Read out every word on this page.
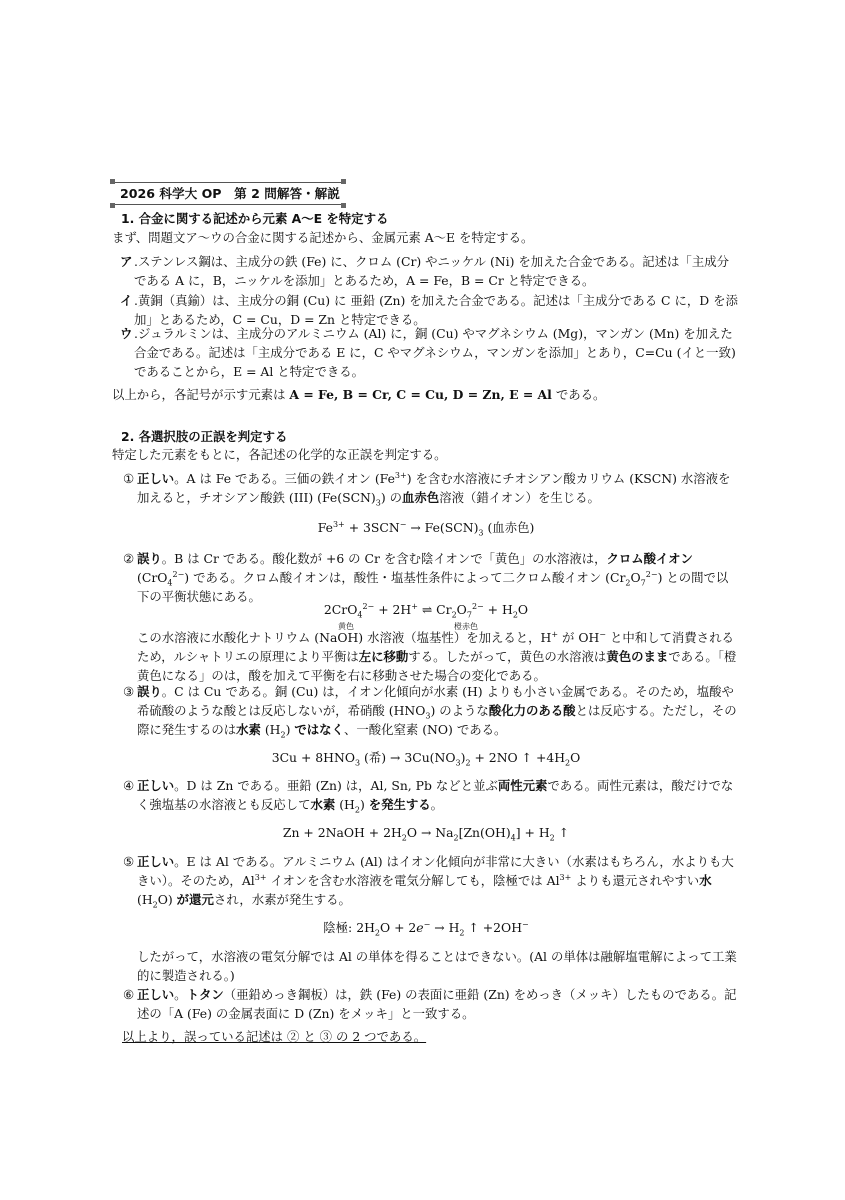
2026 科学大 OP　第 2 問解答・解説
1. 合金に関する記述から元素 A〜E を特定する
まず、問題文ア〜ウの合金に関する記述から、金属元素 A〜E を特定する。
ア .ステンレス鋼は、主成分の鉄 (Fe) に、クロム (Cr) やニッケル (Ni) を加えた合金である。記述は「主成分である A に，B，ニッケルを添加」とあるため，A = Fe，B = Cr と特定できる。
イ .黄銅（真鍮）は、主成分の銅 (Cu) に 亜鉛 (Zn) を加えた合金である。記述は「主成分である C に，D を添加」とあるため，C = Cu，D = Zn と特定できる。
ウ .ジュラルミンは、主成分のアルミニウム (Al) に，銅 (Cu) やマグネシウム (Mg)，マンガン (Mn) を加えた合金である。記述は「主成分である E に，C やマグネシウム，マンガンを添加」とあり，C=Cu (イと一致) であることから，E = Al と特定できる。
以上から，各記号が示す元素は A = Fe, B = Cr, C = Cu, D = Zn, E = Al である。
2. 各選択肢の正誤を判定する
特定した元素をもとに，各記述の化学的な正誤を判定する。
① 正しい。A は Fe である。三価の鉄イオン $(Fe^{3+})$ を含む水溶液にチオシアン酸カリウム (KSCN) 水溶液を加えると，チオシアン酸鉄 (III) $(Fe(SCN)_3)$ の血赤色溶液（錯イオン）を生じる。
$Fe^{3+} + 3SCN^- \to Fe(SCN)_3$ (血赤色)
② 誤り。B は Cr である。酸化数が +6 の Cr を含む陰イオンで「黄色」の水溶液は，クロム酸イオン(CrO$_4^{2-}$) である。クロム酸イオンは，酸性・塩基性条件によって二クロム酸イオン $(Cr_2O_7^{2-})$ との間で以下の平衡状態にある。
2CrO$_4^{2-}$ + 2H+ ⇌ $Cr_2O_7^{2-} + H_2O$
黄色	橙赤色
この水溶液に水酸化ナトリウム (NaOH) 水溶液（塩基性）を加えると，H+ が OH− と中和して消費されるため，ルシャトリエの原理により平衡は左に移動する。したがって，黄色の水溶液は黄色のままである。「橙黄色になる」のは，酸を加えて平衡を右に移動させた場合の変化である。
③ 誤り。C は Cu である。銅 (Cu) は，イオン化傾向が水素 (H) よりも小さい金属である。そのため，塩酸や希硫酸のような酸とは反応しないが，希硝酸 $(HNO_3)$ のような酸化力のある酸とは反応する。ただし，その際に発生するのは水素 $(H_2)$ ではなく、一酸化窒素 (NO) である。
$3Cu + 8HNO_3$ (希) → $3Cu(NO_3)_2 + 2NO$ ↑ $+4H_2O$
④ 正しい。D は Zn である。亜鉛 (Zn) は，Al, Sn, Pb などと並ぶ両性元素である。両性元素は，酸だけでなく強塩基の水溶液とも反応して水素 $(H_2)$ を発生する。
Zn + 2NaOH + $2H_2O \to Na_2[Zn(OH)_4] + H_2$ ↑
⑤ 正しい。E は Al である。アルミニウム (Al) はイオン化傾向が非常に大きい（水素はもちろん，水よりも大きい）。そのため，$Al^{3+}$ イオンを含む水溶液を電気分解しても，陰極では $Al^{3+}$ よりも還元されやすい水 $(H_2O)$ が還元され，水素が発生する。
陰極: $2H_2O + 2e^- \to H_2$ ↑ +2OH−
したがって，水溶液の電気分解では Al の単体を得ることはできない。(Al の単体は融解塩電解によって工業的に製造される。)
⑥ 正しい。トタン（亜鉛めっき鋼板）は，鉄 (Fe) の表面に亜鉛 (Zn) をめっき（メッキ）したものである。記述の「A (Fe) の金属表面に D (Zn) をメッキ」と一致する。
以上より，誤っている記述は ② と ③ の 2 つである。
